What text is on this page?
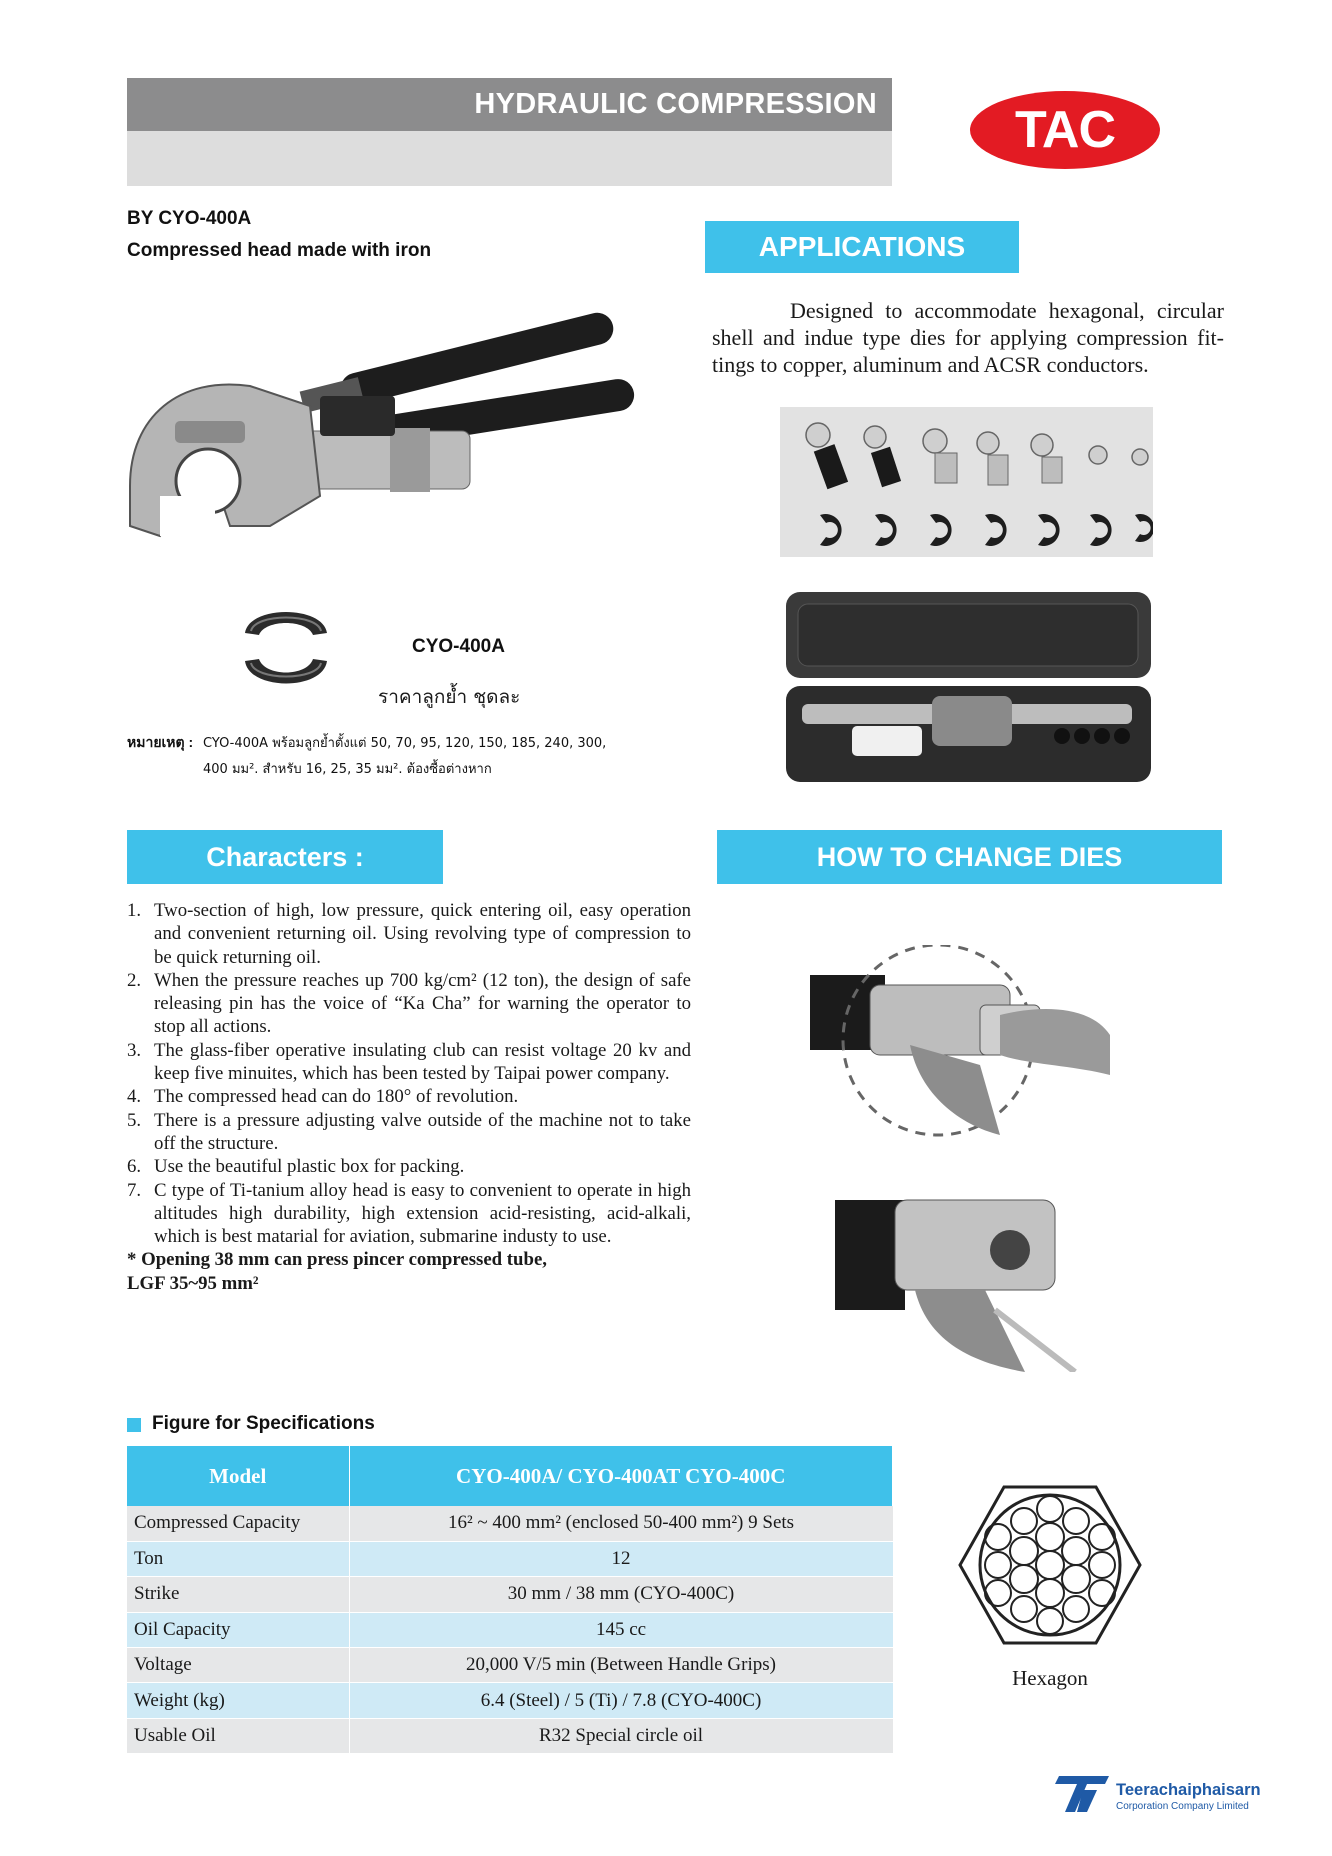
HYDRAULIC COMPRESSION	TAC
BY CYO-400A
Compressed head made with iron
CYO-400A
ราคาลูกย้ำ ชุดละ
หมายเหตุ : CYO-400A พร้อมลูกย้ำตั้งแต่ 50, 70, 95, 120, 150, 185, 240, 300,
400 มม². สำหรับ 16, 25, 35 มม². ต้องซื้อต่างหาก
APPLICATIONS
Designed to accommodate hexagonal, circular shell and indue type dies for applying compression fit-tings to copper, aluminum and ACSR conductors.
Characters :
1. Two-section of high, low pressure, quick entering oil, easy operation and convenient returning oil. Using revolving type of compression to be quick returning oil.
2. When the pressure reaches up 700 kg/cm² (12 ton), the design of safe releasing pin has the voice of “Ka Cha” for warning the operator to stop all actions.
3. The glass-fiber operative insulating club can resist voltage 20 kv and keep five minuites, which has been tested by Taipai power company.
4. The compressed head can do 180° of revolution.
5. There is a pressure adjusting valve outside of the machine not to take off the structure.
6. Use the beautiful plastic box for packing.
7. C type of Ti-tanium alloy head is easy to convenient to operate in high altitudes high durability, high extension acid-resisting, acid-alkali, which is best matarial for aviation, submarine industy to use.
* Opening 38 mm can press pincer compressed tube,
LGF 35~95 mm²
HOW TO CHANGE DIES
Figure for Specifications
Model	CYO-400A/ CYO-400AT CYO-400C
Compressed Capacity	16² ~ 400 mm² (enclosed 50-400 mm²) 9 Sets
Ton	12
Strike	30 mm / 38 mm (CYO-400C)
Oil Capacity	145 cc
Voltage	20,000 V/5 min (Between Handle Grips)
Weight (kg)	6.4 (Steel) / 5 (Ti) / 7.8 (CYO-400C)
Usable Oil	R32 Special circle oil
Hexagon
Teerachaiphaisarn
Corporation Company Limited
